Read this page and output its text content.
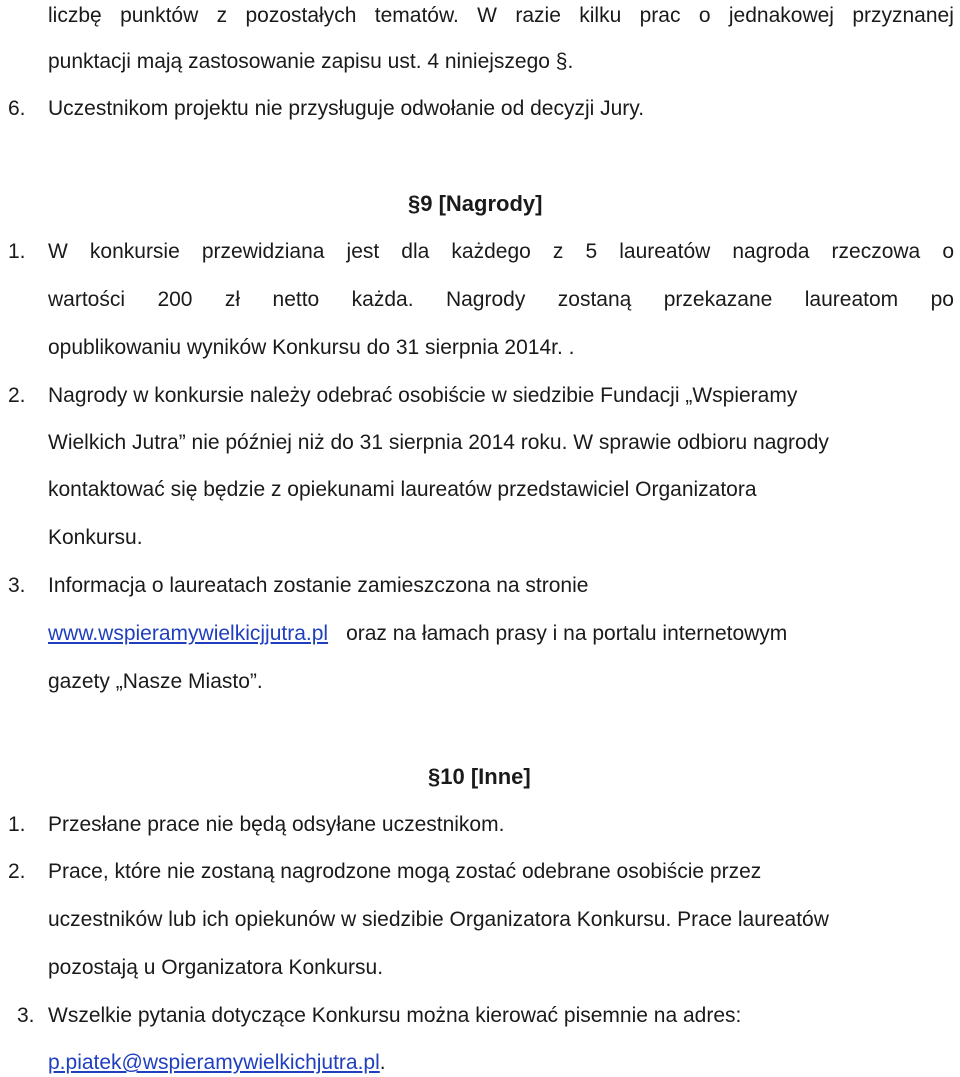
liczbę punktów z pozostałych tematów. W razie kilku prac o jednakowej przyznanej
punktacji mają zastosowanie zapisu ust. 4 niniejszego §.
6. Uczestnikom projektu nie przysługuje odwołanie od decyzji Jury.
§9 [Nagrody]
1. W konkursie przewidziana jest dla każdego z 5 laureatów nagroda rzeczowa o
wartości 200 zł netto każda. Nagrody zostaną przekazane laureatom po
opublikowaniu wyników Konkursu do 31 sierpnia 2014r. .
2. Nagrody w konkursie należy odebrać osobiście w siedzibie Fundacji „Wspieramy
Wielkich Jutra” nie później niż do 31 sierpnia 2014 roku. W sprawie odbioru nagrody
kontaktować się będzie z opiekunami laureatów przedstawiciel Organizatora
Konkursu.
3. Informacja o laureatach zostanie zamieszczona na stronie
www.wspieramywielkicjjutra.pl oraz na łamach prasy i na portalu internetowym
gazety „Nasze Miasto”.
§10 [Inne]
1. Przesłane prace nie będą odsyłane uczestnikom.
2. Prace, które nie zostaną nagrodzone mogą zostać odebrane osobiście przez
uczestników lub ich opiekunów w siedzibie Organizatora Konkursu. Prace laureatów
pozostają u Organizatora Konkursu.
3. Wszelkie pytania dotyczące Konkursu można kierować pisemnie na adres:
p.piatek@wspieramywielkichjutra.pl.
